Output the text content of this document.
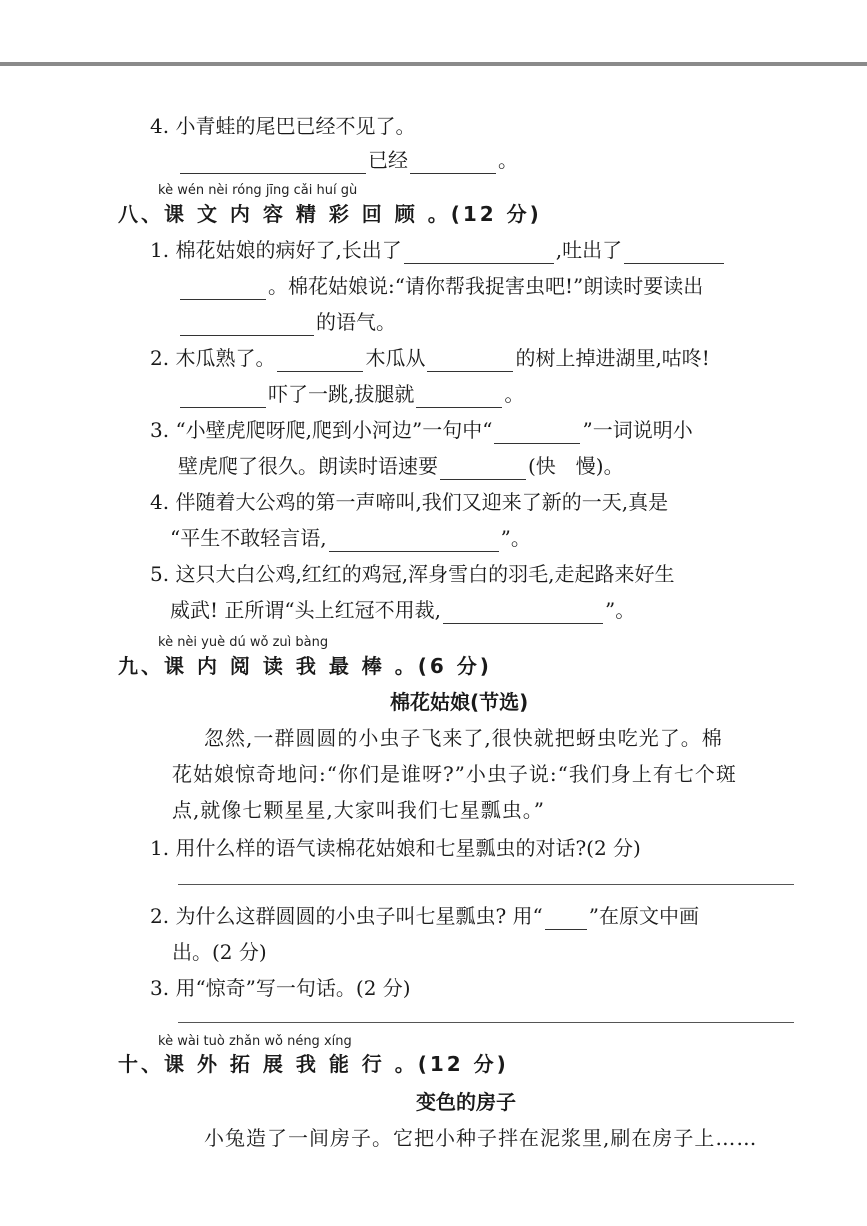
4. 小青蛙的尾巴已经不见了。
已经	。
kè wén nèi róng jīng cǎi huí gù
八、课 文 内 容 精 彩 回 顾 。(12 分)
1. 棉花姑娘的病好了,长出了	,吐出了
。棉花姑娘说:“请你帮我捉害虫吧!”朗读时要读出
的语气。
2. 木瓜熟了。	木瓜从	的树上掉进湖里,咕咚!
吓了一跳,拔腿就	。
3. “小壁虎爬呀爬,爬到小河边”一句中“	”一词说明小
壁虎爬了很久。朗读时语速要	(快　慢)。
4. 伴随着大公鸡的第一声啼叫,我们又迎来了新的一天,真是
“平生不敢轻言语,	”。
5. 这只大白公鸡,红红的鸡冠,浑身雪白的羽毛,走起路来好生
威武! 正所谓“头上红冠不用裁,	”。
kè nèi yuè dú wǒ zuì bàng
九、课 内 阅 读 我 最 棒 。(6 分)
棉花姑娘(节选)
忽然,一群圆圆的小虫子飞来了,很快就把蚜虫吃光了。棉
花姑娘惊奇地问:“你们是谁呀?”小虫子说:“我们身上有七个斑
点,就像七颗星星,大家叫我们七星瓢虫。”
1. 用什么样的语气读棉花姑娘和七星瓢虫的对话?(2 分)
2. 为什么这群圆圆的小虫子叫七星瓢虫? 用“ ”在原文中画
出。(2 分)
3. 用“惊奇”写一句话。(2 分)
kè wài tuò zhǎn wǒ néng xíng
十、课 外 拓 展 我 能 行 。(12 分)
变色的房子
小兔造了一间房子。它把小种子拌在泥浆里,刷在房子上……
